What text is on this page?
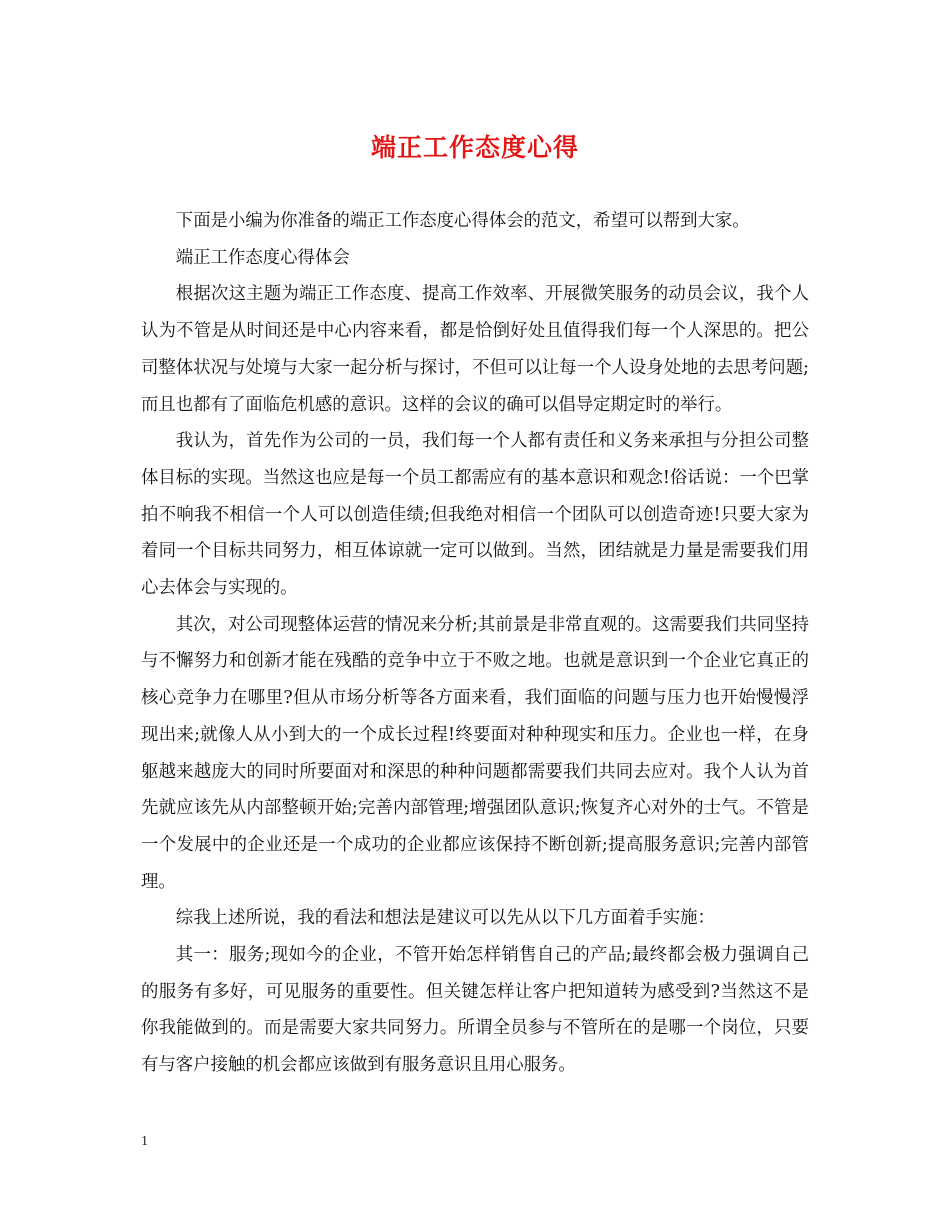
端正工作态度心得

下面是小编为你准备的端正工作态度心得体会的范文，希望可以帮到大家。

端正工作态度心得体会

根据次这主题为端正工作态度、提高工作效率、开展微笑服务的动员会议，我个人认为不管是从时间还是中心内容来看，都是恰倒好处且值得我们每一个人深思的。把公司整体状况与处境与大家一起分析与探讨，不但可以让每一个人设身处地的去思考问题;而且也都有了面临危机感的意识。这样的会议的确可以倡导定期定时的举行。

我认为，首先作为公司的一员，我们每一个人都有责任和义务来承担与分担公司整体目标的实现。当然这也应是每一个员工都需应有的基本意识和观念!俗话说：一个巴掌拍不响我不相信一个人可以创造佳绩;但我绝对相信一个团队可以创造奇迹!只要大家为着同一个目标共同努力，相互体谅就一定可以做到。当然，团结就是力量是需要我们用心去体会与实现的。

其次，对公司现整体运营的情况来分析;其前景是非常直观的。这需要我们共同坚持与不懈努力和创新才能在残酷的竞争中立于不败之地。也就是意识到一个企业它真正的核心竞争力在哪里?但从市场分析等各方面来看，我们面临的问题与压力也开始慢慢浮现出来;就像人从小到大的一个成长过程!终要面对种种现实和压力。企业也一样，在身躯越来越庞大的同时所要面对和深思的种种问题都需要我们共同去应对。我个人认为首先就应该先从内部整顿开始;完善内部管理;增强团队意识;恢复齐心对外的士气。不管是一个发展中的企业还是一个成功的企业都应该保持不断创新;提高服务意识;完善内部管理。

综我上述所说，我的看法和想法是建议可以先从以下几方面着手实施：

其一：服务;现如今的企业，不管开始怎样销售自己的产品;最终都会极力强调自己的服务有多好，可见服务的重要性。但关键怎样让客户把知道转为感受到?当然这不是你我能做到的。而是需要大家共同努力。所谓全员参与不管所在的是哪一个岗位，只要有与客户接触的机会都应该做到有服务意识且用心服务。

1
